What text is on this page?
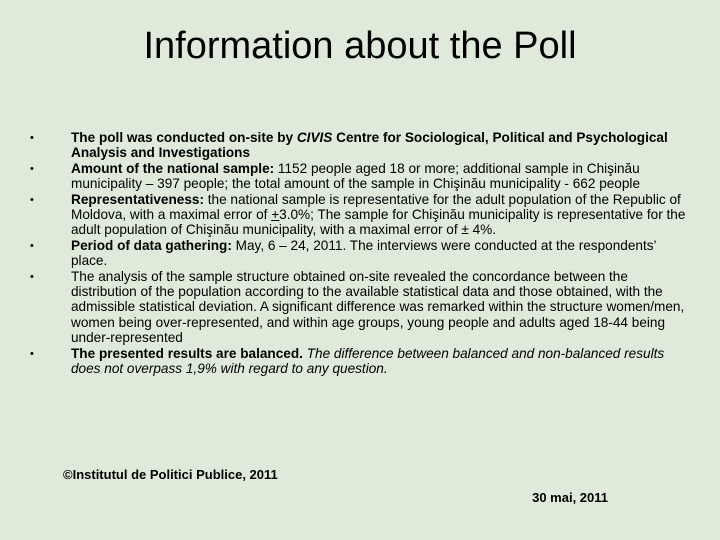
Information about the Poll
•	The poll was conducted on-site by CIVIS Centre for Sociological, Political and Psychological Analysis and Investigations
•	Amount of the national sample: 1152 people aged 18 or more; additional sample in Chişinău municipality – 397 people; the total amount of the sample in Chişinău municipality - 662 people
•	Representativeness: the national sample is representative for the adult population of the Republic of Moldova, with a maximal error of +3.0%; The sample for Chişinău municipality is representative for the adult population of Chişinău municipality, with a maximal error of ± 4%.
•	Period of data gathering: May, 6 – 24, 2011. The interviews were conducted at the respondents’ place.
•	The analysis of the sample structure obtained on-site revealed the concordance between the distribution of the population according to the available statistical data and those obtained, with the admissible statistical deviation. A significant difference was remarked within the structure women/men, women being over-represented, and within age groups, young people and adults aged 18-44 being under-represented
•	The presented results are balanced. The difference between balanced and non-balanced results does not overpass 1,9% with regard to any question.
©Institutul de Politici Publice, 2011
30 mai, 2011
